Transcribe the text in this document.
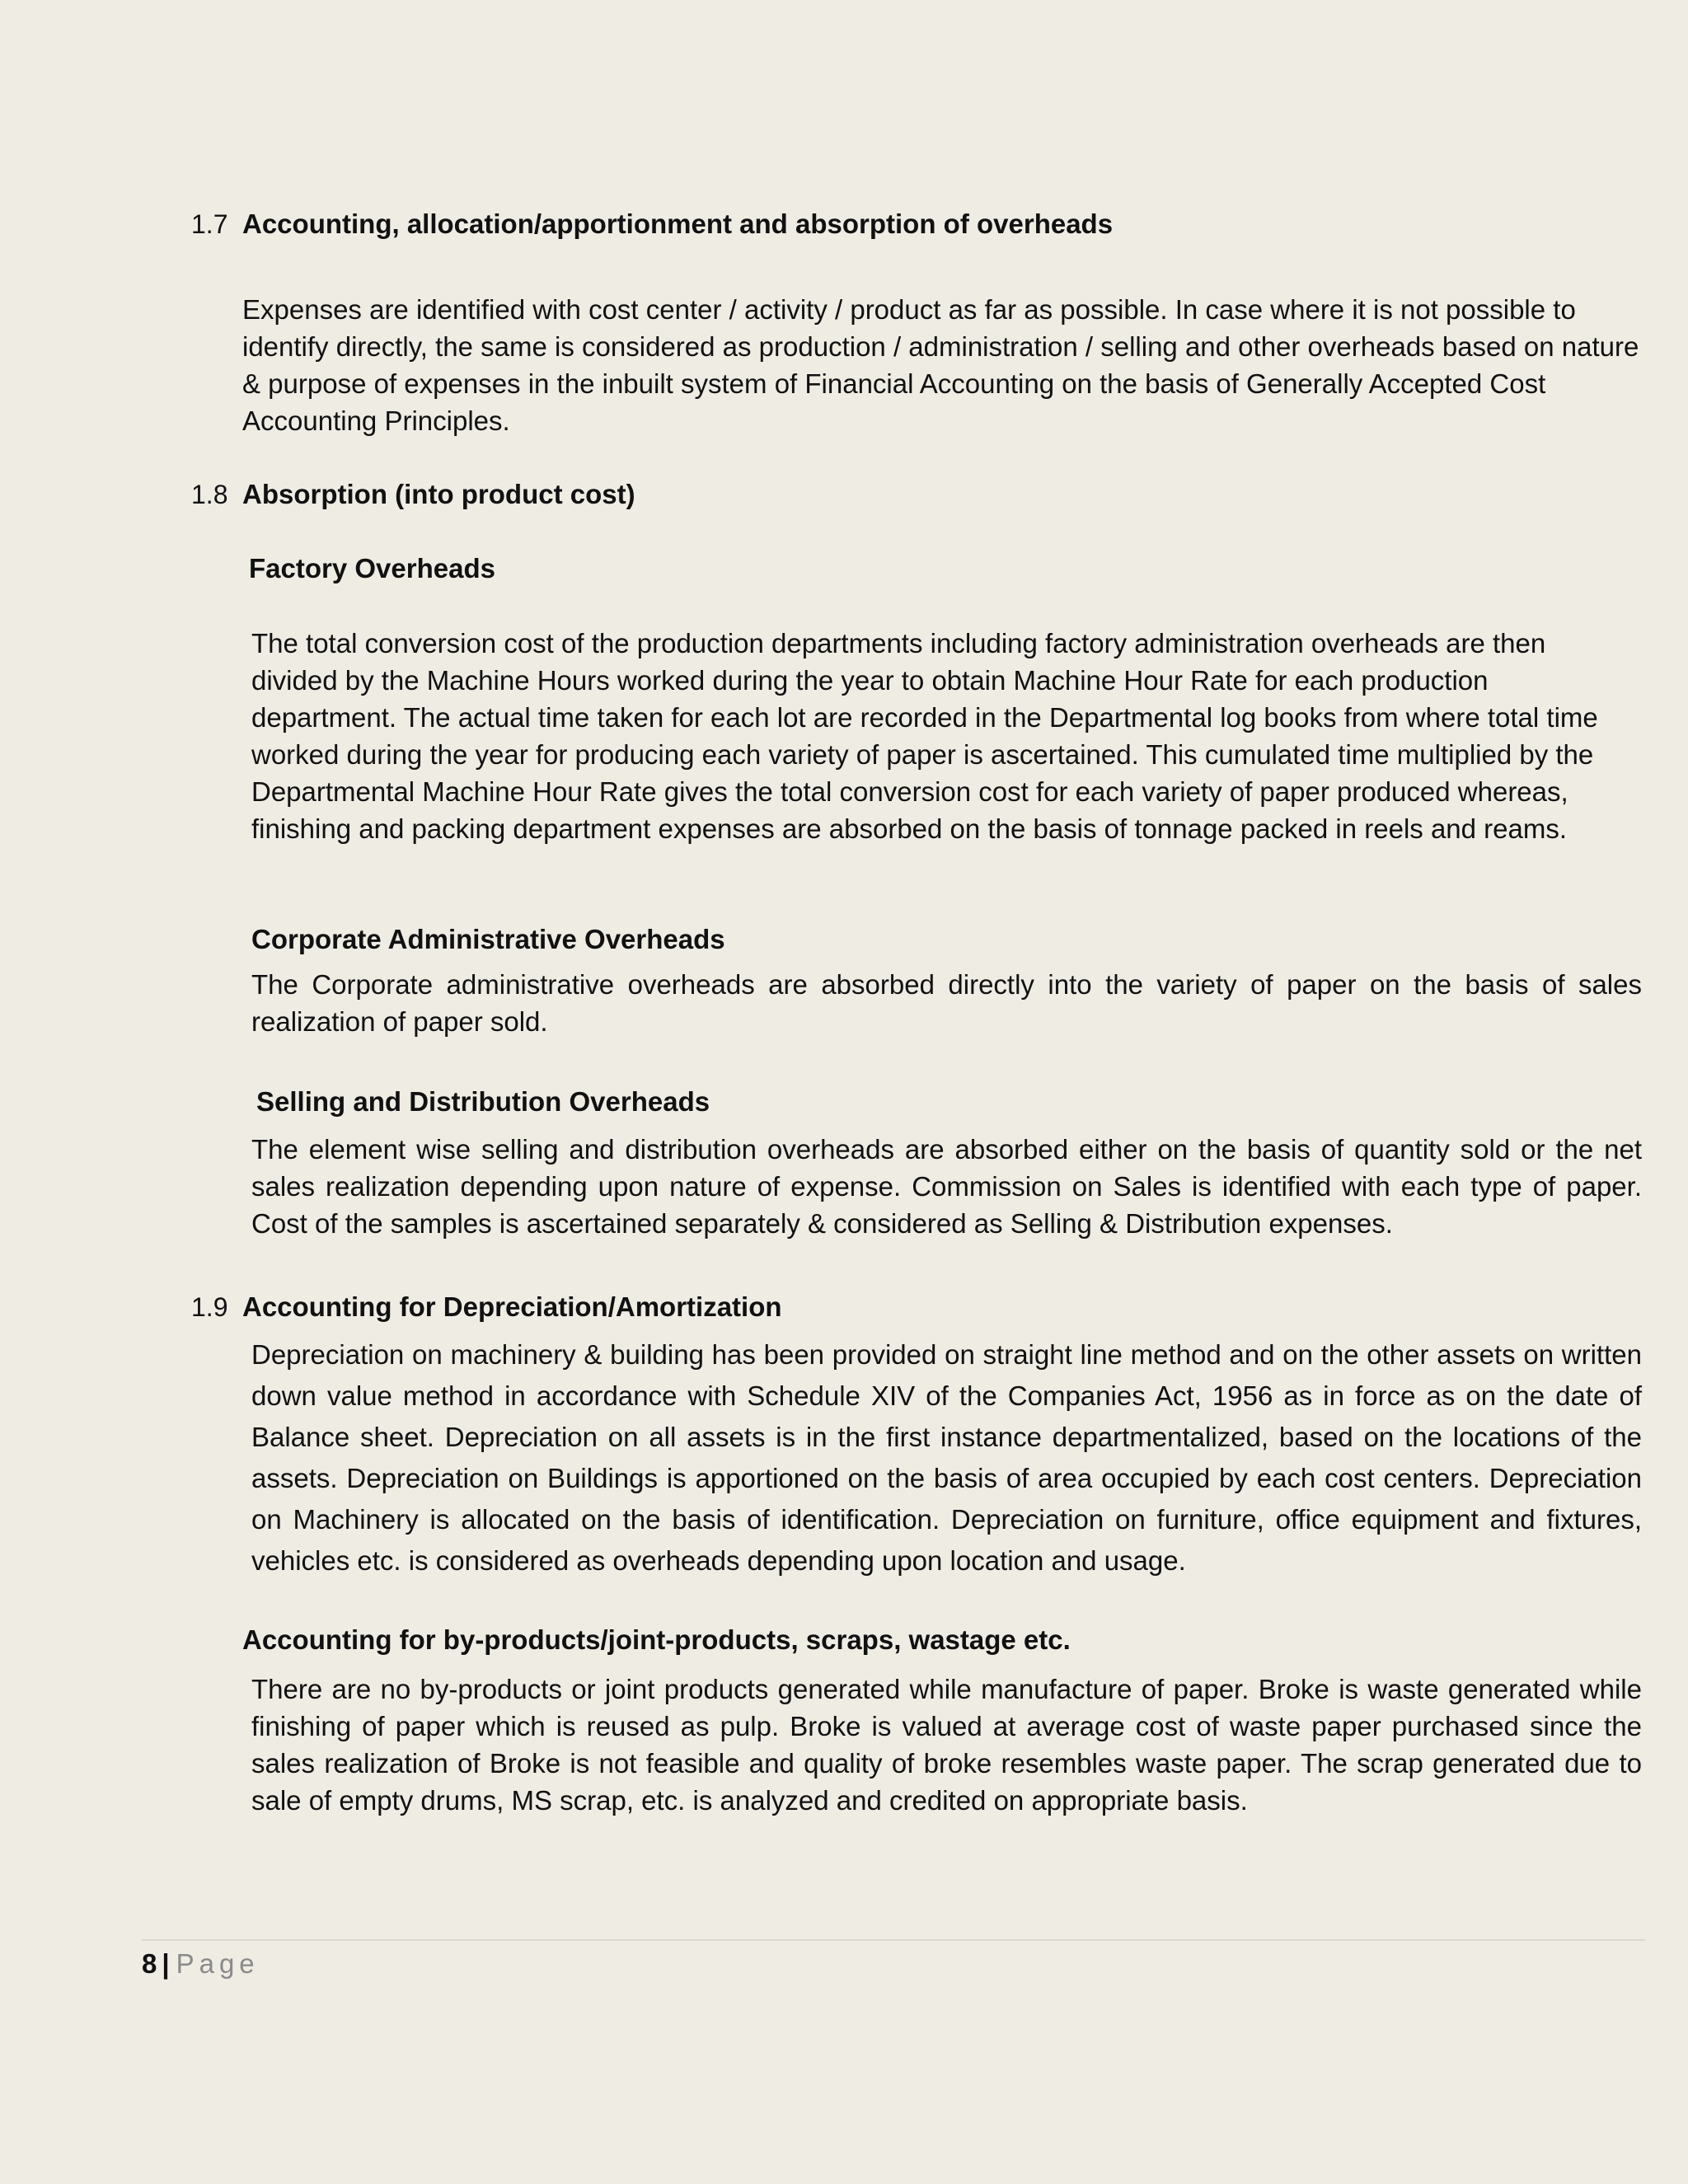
1.7 Accounting, allocation/apportionment and absorption of overheads
Expenses are identified with cost center / activity / product as far as possible. In case where it is not possible to identify directly, the same is considered as production / administration / selling and other overheads based on nature & purpose of expenses in the inbuilt system of Financial Accounting on the basis of Generally Accepted Cost Accounting Principles.
1.8 Absorption (into product cost)
Factory Overheads
The total conversion cost of the production departments including factory administration overheads are then divided by the Machine Hours worked during the year to obtain Machine Hour Rate for each production department. The actual time taken for each lot are recorded in the Departmental log books from where total time worked during the year for producing each variety of paper is ascertained. This cumulated time multiplied by the Departmental Machine Hour Rate gives the total conversion cost for each variety of paper produced whereas, finishing and packing department expenses are absorbed on the basis of tonnage packed in reels and reams.
Corporate Administrative Overheads
The Corporate administrative overheads are absorbed directly into the variety of paper on the basis of sales realization of paper sold.
Selling and Distribution Overheads
The element wise selling and distribution overheads are absorbed either on the basis of quantity sold or the net sales realization depending upon nature of expense. Commission on Sales is identified with each type of paper. Cost of the samples is ascertained separately & considered as Selling & Distribution expenses.
1.9 Accounting for Depreciation/Amortization
Depreciation on machinery & building has been provided on straight line method and on the other assets on written down value method in accordance with Schedule XIV of the Companies Act, 1956 as in force as on the date of Balance sheet. Depreciation on all assets is in the first instance departmentalized, based on the locations of the assets. Depreciation on Buildings is apportioned on the basis of area occupied by each cost centers. Depreciation on Machinery is allocated on the basis of identification. Depreciation on furniture, office equipment and fixtures, vehicles etc. is considered as overheads depending upon location and usage.
Accounting for by-products/joint-products, scraps, wastage etc.
There are no by-products or joint products generated while manufacture of paper. Broke is waste generated while finishing of paper which is reused as pulp. Broke is valued at average cost of waste paper purchased since the sales realization of Broke is not feasible and quality of broke resembles waste paper. The scrap generated due to sale of empty drums, MS scrap, etc. is analyzed and credited on appropriate basis.
8 | Page
